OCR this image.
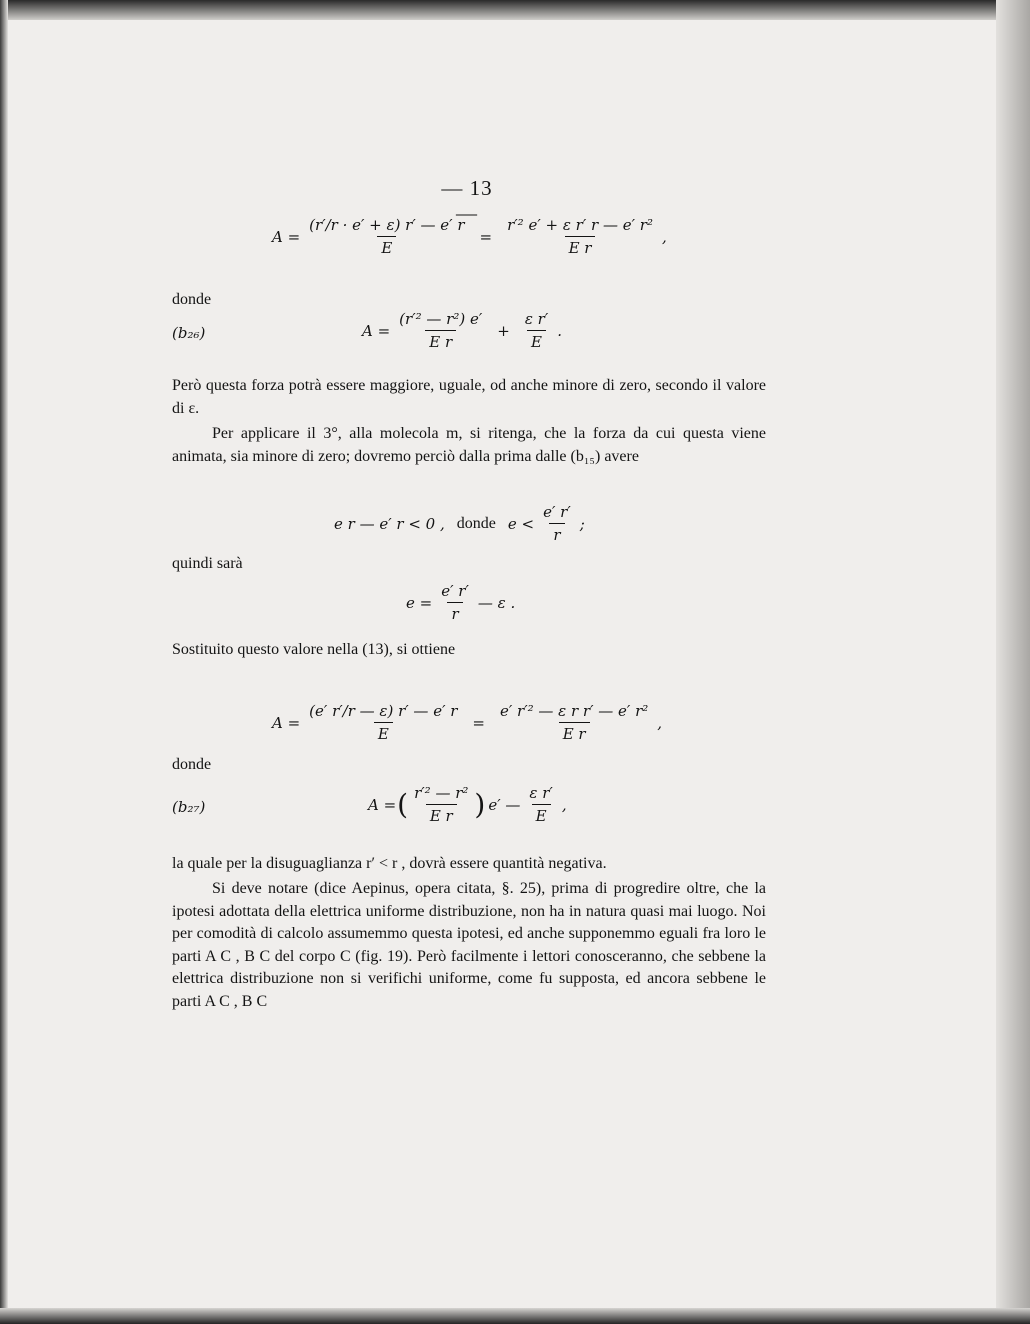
— 13 —
$A = \frac{(r'/r \cdot e' + \varepsilon) r' — e' r}{E} = \frac{\text{r′² e′ + ε r′ r — e′ r²}}{\text{E r}}$ ,
donde
(b₂₆)	$A = \frac{\text{(r′² — r²) e′}}{\text{E r}} + \frac{\text{ε r′}}{E}$ .
Però questa forza potrà essere maggiore, uguale, od anche minore di zero, secondo il valore di ε.
Per applicare il 3°, alla molecola m, si ritenga, che la forza da cui questa viene animata, sia minore di zero; dovremo perciò dalla prima dalle (b₁₅) avere
e r — e′ r < 0 , donde $e < \frac{e' r'}{r}$ ;
quindi sarà
$e = \frac{e' r'}{r}$ — ε .
Sostituito questo valore nella (13), si ottiene
$A = \frac{(e' r'/r — \varepsilon) r' — e' r}{E} = \frac{\text{e′ r′² — ε r r′ — e′ r²}}{\text{E r}}$ ,
donde
(b₂₇)	A = ( $\frac{\text{r′² — r²}}{\text{E r}}$ ) e′ — $\frac{\text{ε r′}}{E}$ ,
la quale per la disuguaglianza r′ < r , dovrà essere quantità negativa.
Si deve notare (dice Aepinus, opera citata, §. 25), prima di progredire oltre, che la ipotesi adottata della elettrica uniforme distribuzione, non ha in natura quasi mai luogo. Noi per comodità di calcolo assumemmo questa ipotesi, ed anche supponemmo eguali fra loro le parti A C , B C del corpo C (fig. 19). Però facilmente i lettori conosceranno, che sebbene la elettrica distribuzione non si verifichi uniforme, come fu supposta, ed ancora sebbene le parti A C , B C
